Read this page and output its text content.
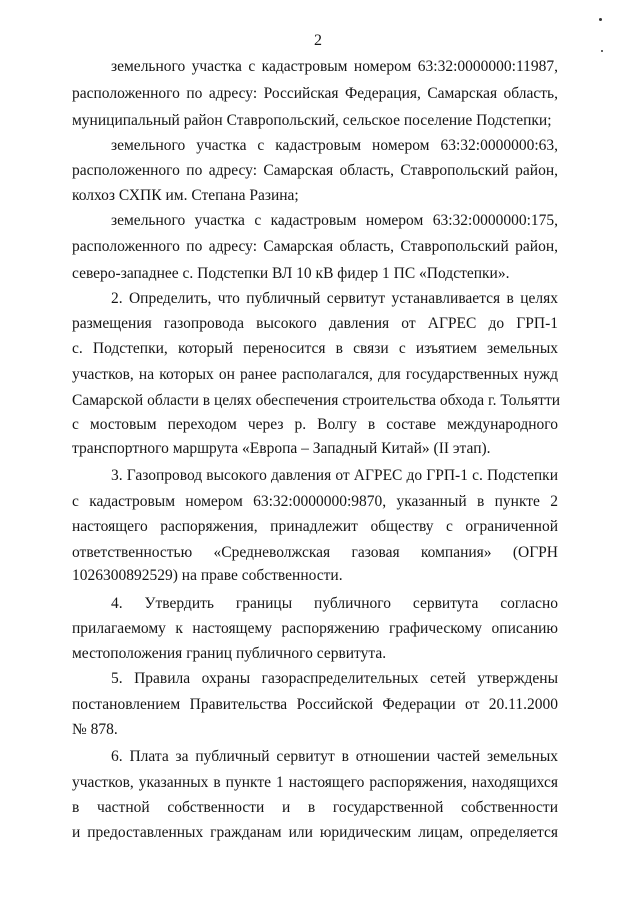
2
земельного участка с кадастровым номером 63:32:0000000:11987,
расположенного по адресу: Российская Федерация, Самарская область,
муниципальный район Ставропольский, сельское поселение Подстепки;
земельного участка с кадастровым номером 63:32:0000000:63,
расположенного по адресу: Самарская область, Ставропольский район,
колхоз СХПК им. Степана Разина;
земельного участка с кадастровым номером 63:32:0000000:175,
расположенного по адресу: Самарская область, Ставропольский район,
северо-западнее с. Подстепки ВЛ 10 кВ фидер 1 ПС «Подстепки».
2. Определить, что публичный сервитут устанавливается в целях
размещения газопровода высокого давления от АГРЕС до ГРП-1
с. Подстепки, который переносится в связи с изъятием земельных
участков, на которых он ранее располагался, для государственных нужд
Самарской области в целях обеспечения строительства обхода г. Тольятти
с мостовым переходом через р. Волгу в составе международного
транспортного маршрута «Европа – Западный Китай» (II этап).
3. Газопровод высокого давления от АГРЕС до ГРП-1 с. Подстепки
с кадастровым номером 63:32:0000000:9870, указанный в пункте 2
настоящего распоряжения, принадлежит обществу с ограниченной
ответственностью «Средневолжская газовая компания» (ОГРН
1026300892529) на праве собственности.
4. Утвердить границы публичного сервитута согласно
прилагаемому к настоящему распоряжению графическому описанию
местоположения границ публичного сервитута.
5. Правила охраны газораспределительных сетей утверждены
постановлением Правительства Российской Федерации от 20.11.2000
№ 878.
6. Плата за публичный сервитут в отношении частей земельных
участков, указанных в пункте 1 настоящего распоряжения, находящихся
в частной собственности и в государственной собственности
и предоставленных гражданам или юридическим лицам, определяется
